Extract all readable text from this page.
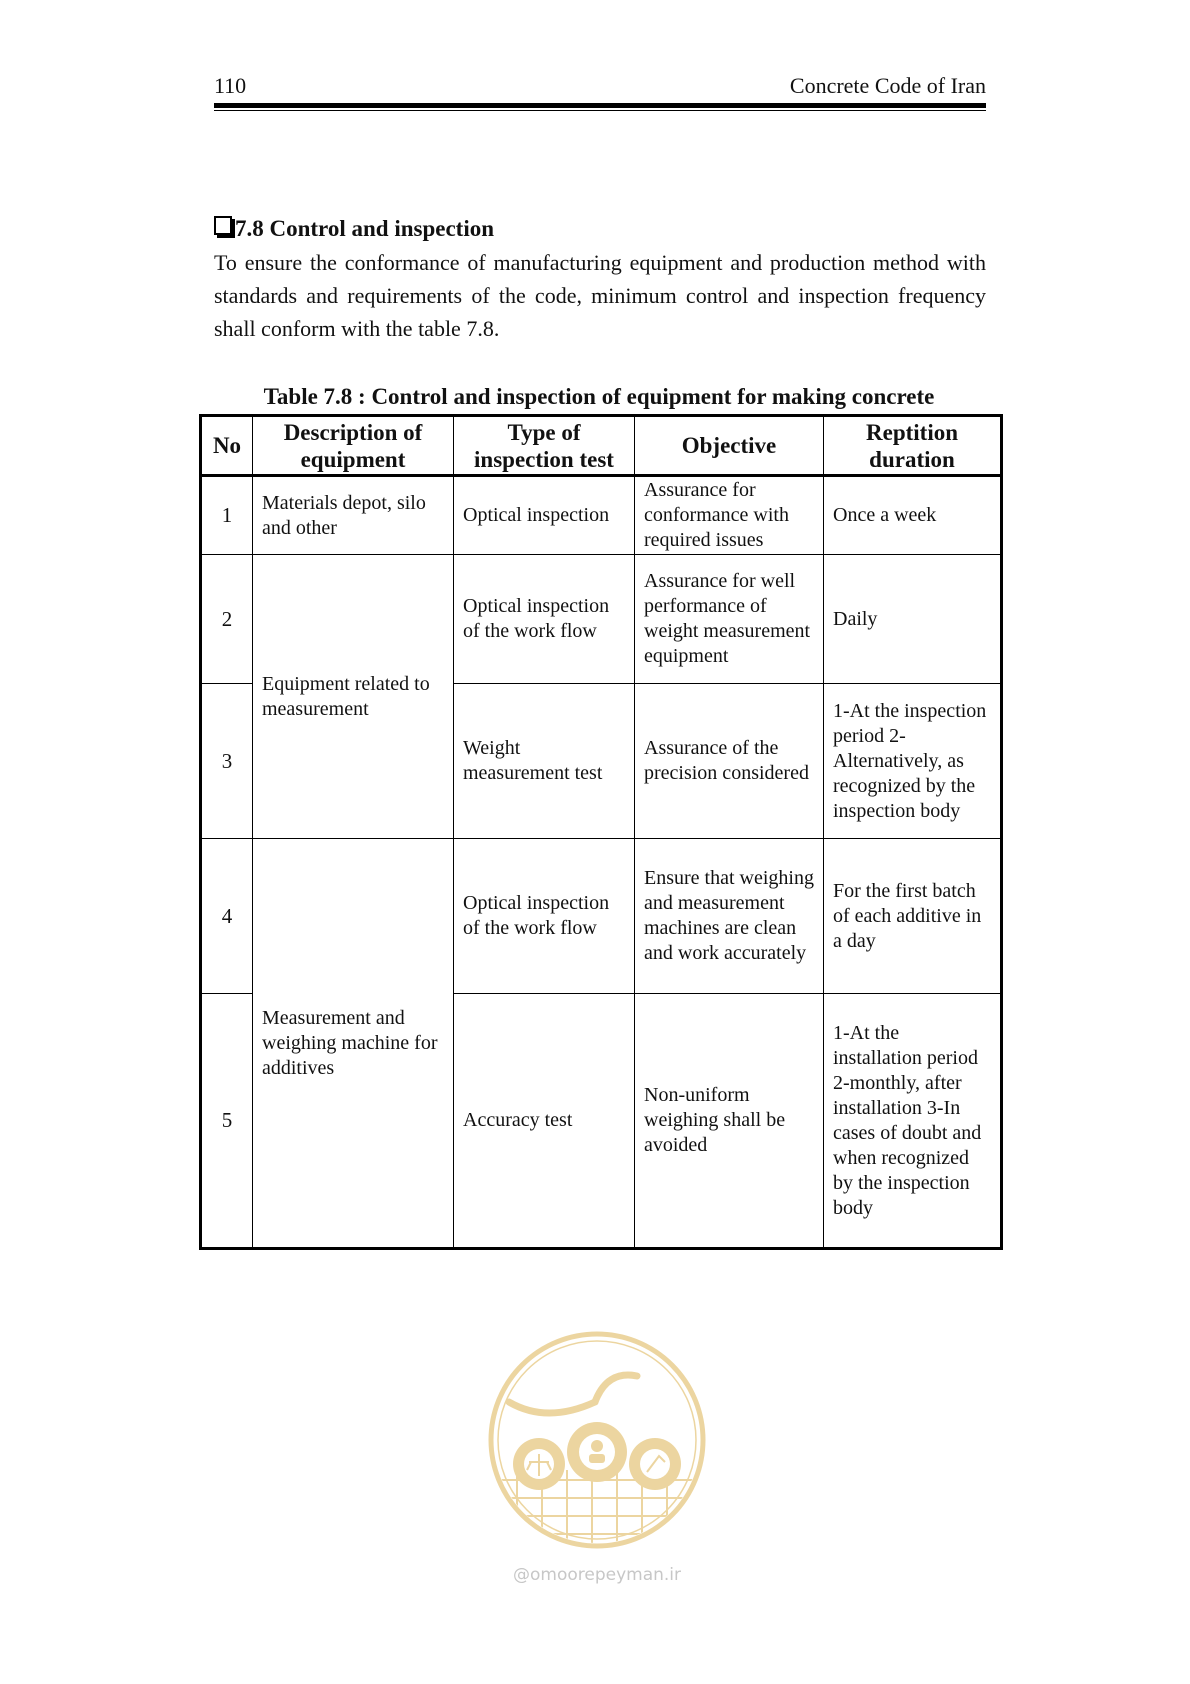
110	Concrete Code of Iran
7.8 Control and inspection

To ensure the conformance of manufacturing equipment and production method with standards and requirements of the code, minimum control and inspection frequency shall conform with the table 7.8.

Table 7.8 : Control and inspection of equipment for making concrete
No	Description of equipment	Type of inspection test	Objective	Reptition duration
1	Materials depot, silo and other	Optical inspection	Assurance for conformance with required issues	Once a week
2	Equipment related to measurement	Optical inspection of the work flow	Assurance for well performance of weight measurement equipment	Daily
3		Weight measurement test	Assurance of the precision considered	1-At the inspection period 2-Alternatively, as recognized by the inspection body
4	Measurement and weighing machine for additives	Optical inspection of the work flow	Ensure that weighing and measurement machines are clean and work accurately	For the first batch of each additive in a day
5		Accuracy test	Non-uniform weighing shall be avoided	1-At the installation period 2-monthly, after installation 3-In cases of doubt and when recognized by the inspection body
@omoorepeyman.ir
